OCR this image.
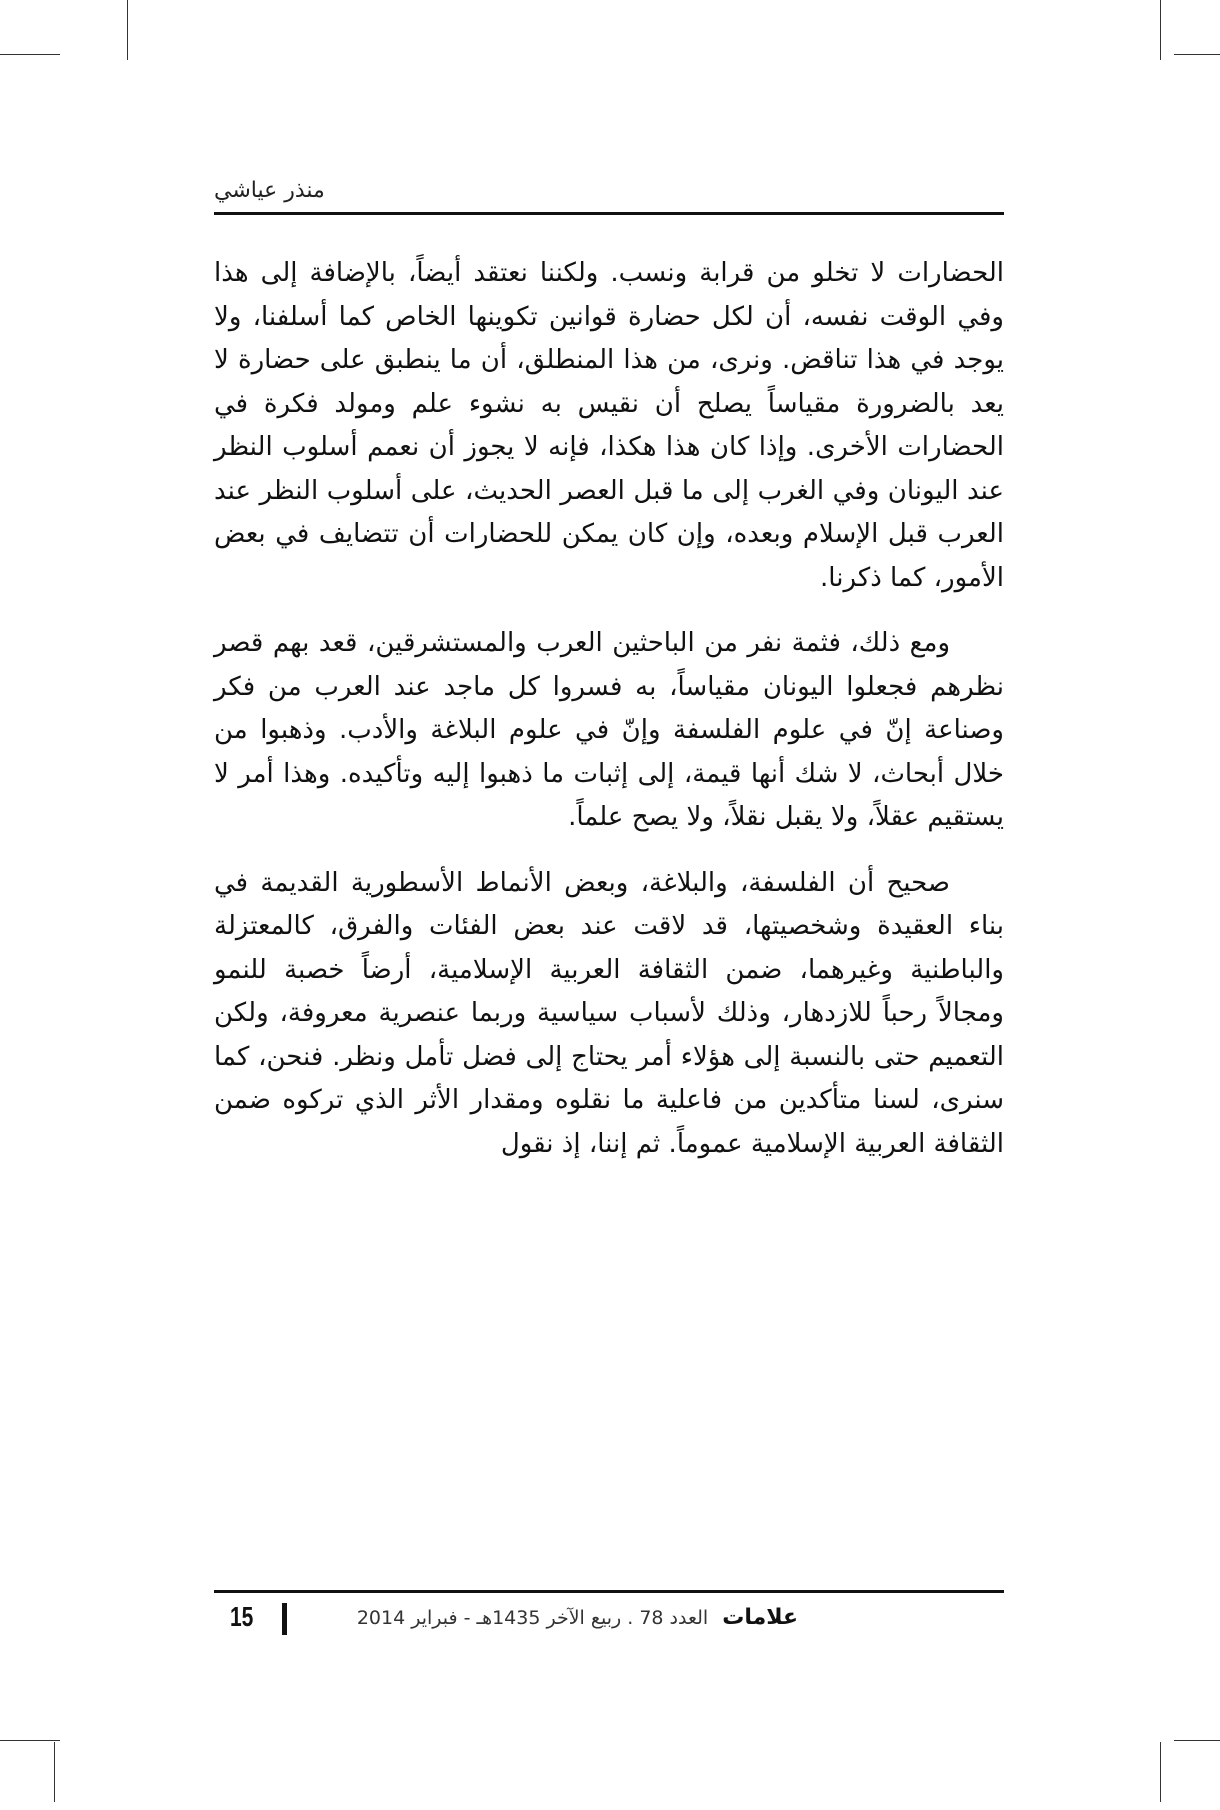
منذر عياشي

الحضارات لا تخلو من قرابة ونسب. ولكننا نعتقد أيضاً، بالإضافة إلى هذا وفي الوقت نفسه، أن لكل حضارة قوانين تكوينها الخاص كما أسلفنا، ولا يوجد في هذا تناقض. ونرى، من هذا المنطلق، أن ما ينطبق على حضارة لا يعد بالضرورة مقياساً يصلح أن نقيس به نشوء علم ومولد فكرة في الحضارات الأخرى. وإذا كان هذا هكذا، فإنه لا يجوز أن نعمم أسلوب النظر عند اليونان وفي الغرب إلى ما قبل العصر الحديث، على أسلوب النظر عند العرب قبل الإسلام وبعده، وإن كان يمكن للحضارات أن تتضايف في بعض الأمور، كما ذكرنا.

ومع ذلك، فثمة نفر من الباحثين العرب والمستشرقين، قعد بهم قصر نظرهم فجعلوا اليونان مقياساً، به فسروا كل ماجد عند العرب من فكر وصناعة إنّ في علوم الفلسفة وإنّ في علوم البلاغة والأدب. وذهبوا من خلال أبحاث، لا شك أنها قيمة، إلى إثبات ما ذهبوا إليه وتأكيده. وهذا أمر لا يستقيم عقلاً، ولا يقبل نقلاً، ولا يصح علماً.

صحيح أن الفلسفة، والبلاغة، وبعض الأنماط الأسطورية القديمة في بناء العقيدة وشخصيتها، قد لاقت عند بعض الفئات والفرق، كالمعتزلة والباطنية وغيرهما، ضمن الثقافة العربية الإسلامية، أرضاً خصبة للنمو ومجالاً رحباً للازدهار، وذلك لأسباب سياسية وربما عنصرية معروفة، ولكن التعميم حتى بالنسبة إلى هؤلاء أمر يحتاج إلى فضل تأمل ونظر. فنحن، كما سنرى، لسنا متأكدين من فاعلية ما نقلوه ومقدار الأثر الذي تركوه ضمن الثقافة العربية الإسلامية عموماً. ثم إننا، إذ نقول

15	علامات العدد 78 . ربيع الآخر 1435هـ - فبراير 2014
